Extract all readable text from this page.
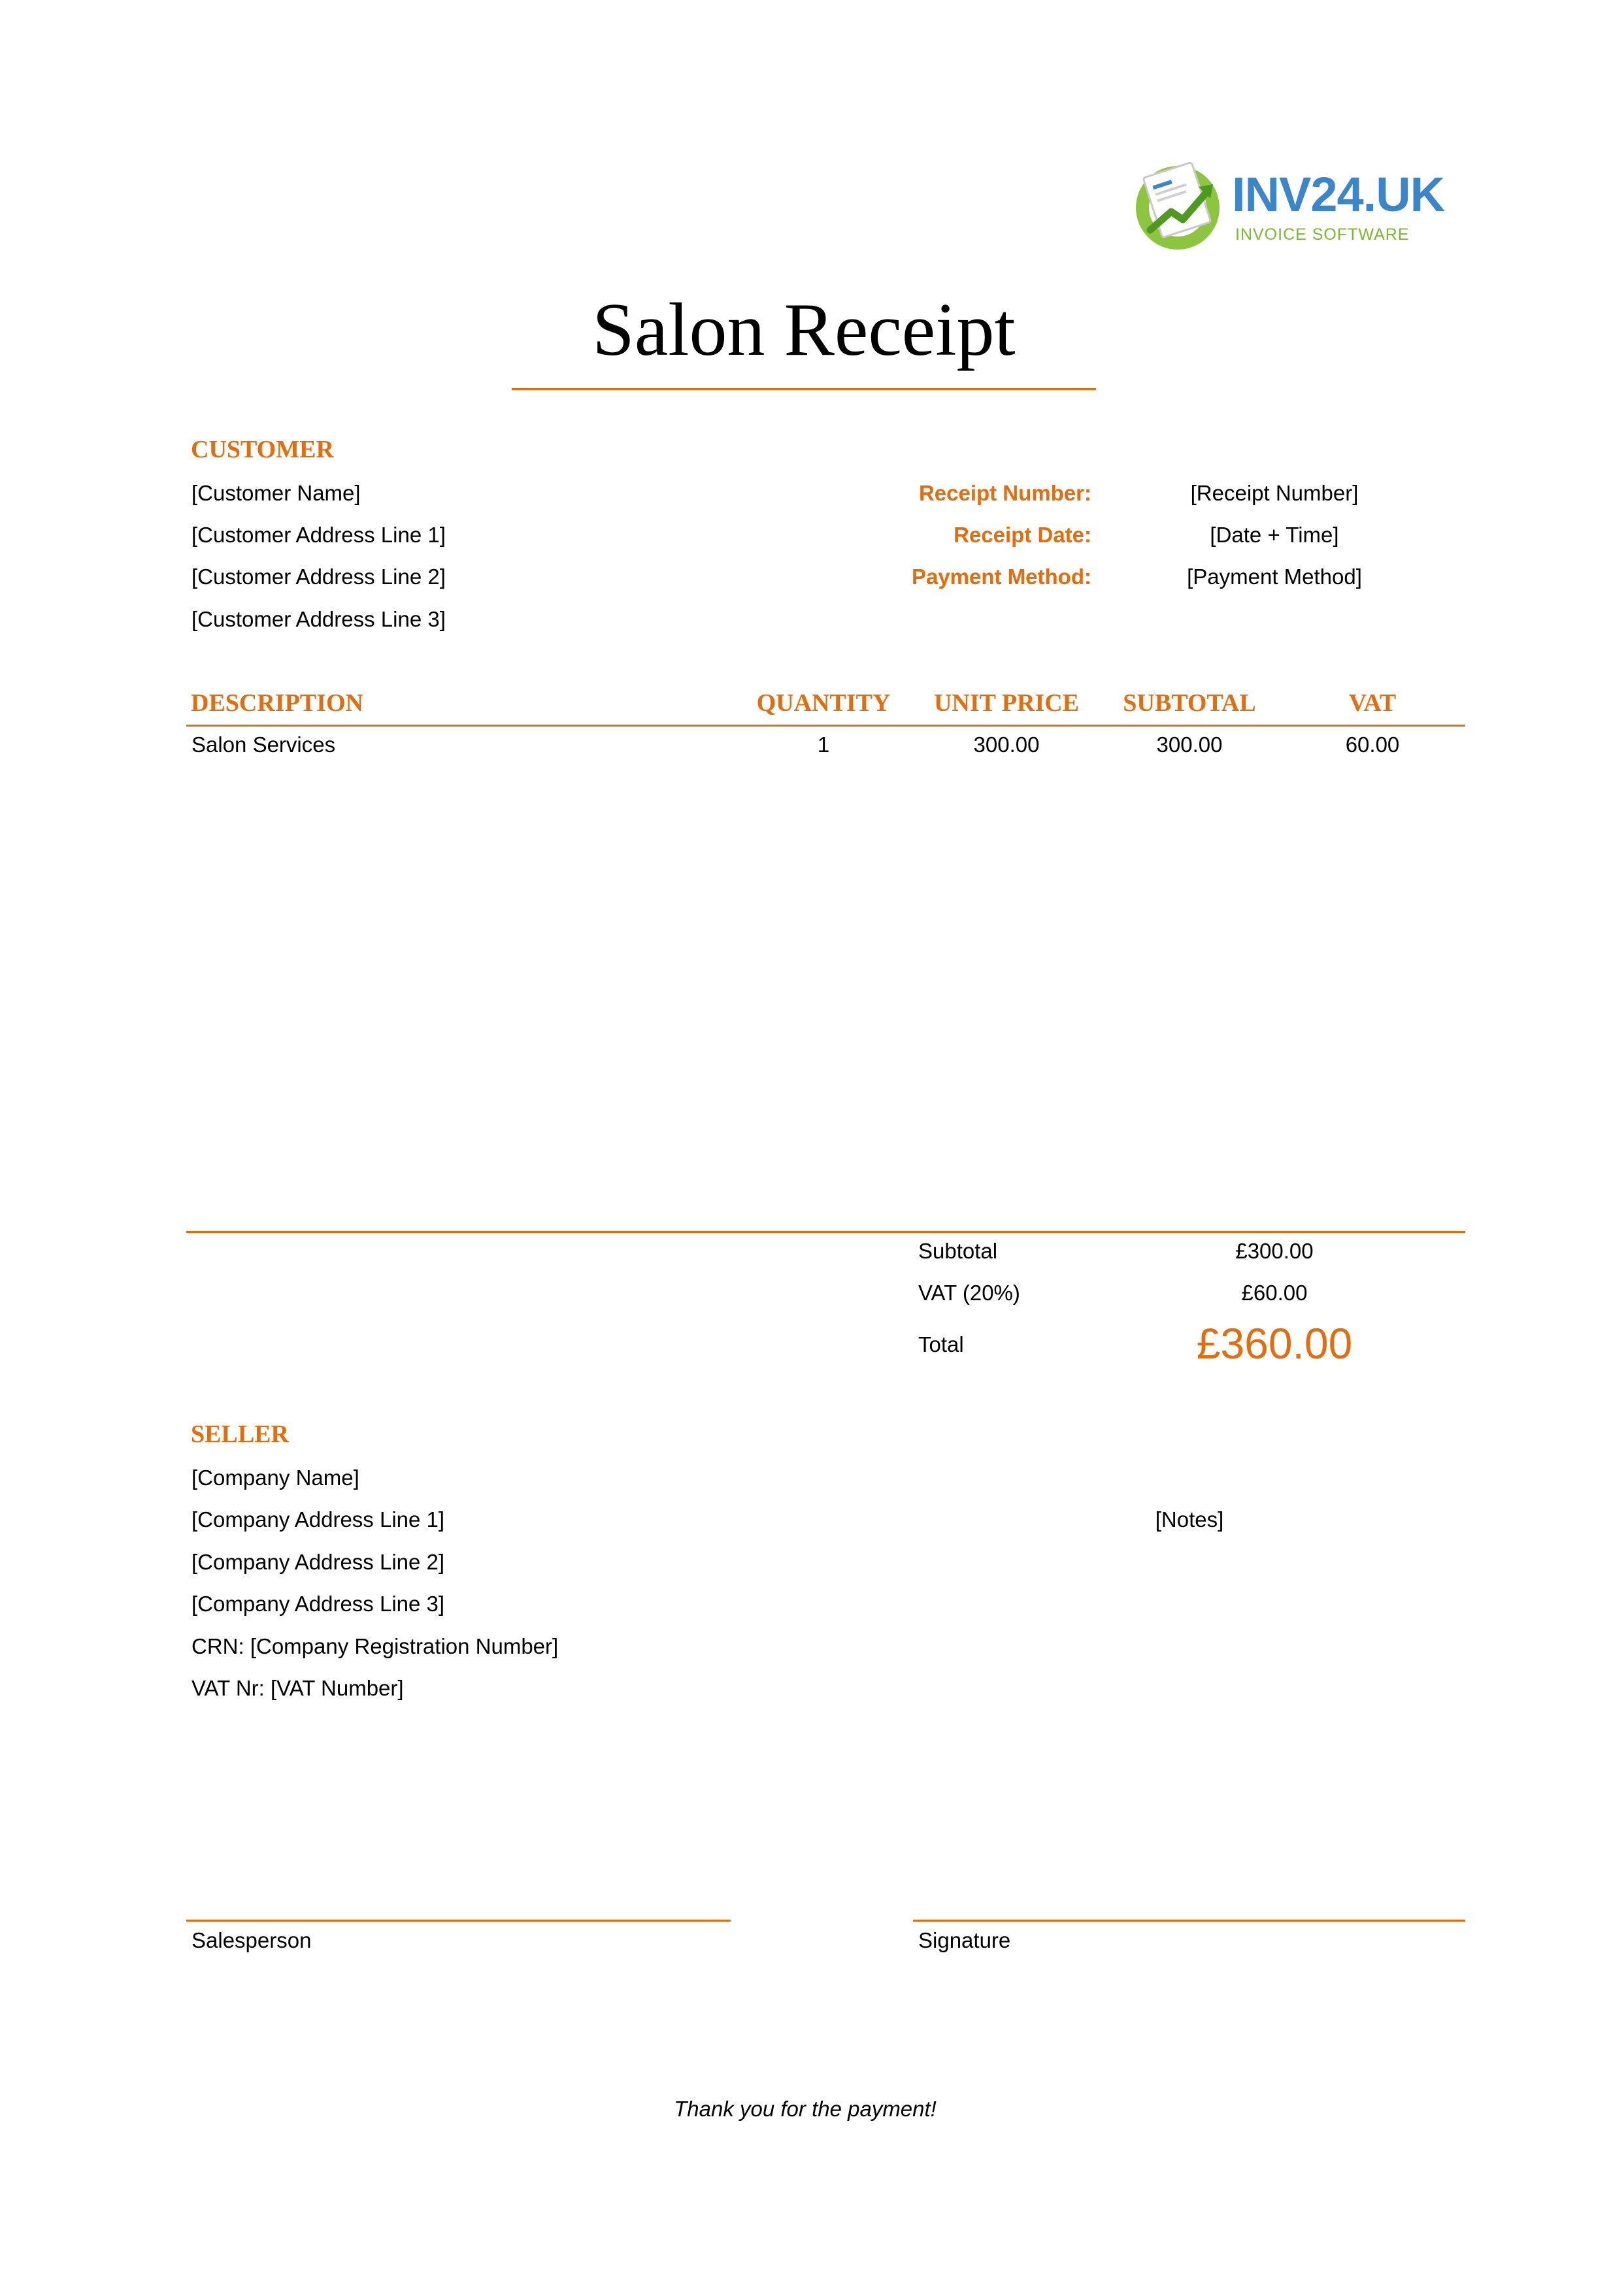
INV24.UK
INVOICE SOFTWARE
Salon Receipt
CUSTOMER
[Customer Name]
[Customer Address Line 1]
[Customer Address Line 2]
[Customer Address Line 3]
Receipt Number:	[Receipt Number]
Receipt Date:	[Date + Time]
Payment Method:	[Payment Method]
DESCRIPTION	QUANTITY	UNIT PRICE	SUBTOTAL	VAT
Salon Services	1	300.00	300.00	60.00
Subtotal	£300.00
VAT (20%)	£60.00
Total	£360.00
SELLER
[Company Name]
[Company Address Line 1]
[Company Address Line 2]
[Company Address Line 3]
CRN: [Company Registration Number]
VAT Nr: [VAT Number]
[Notes]
Salesperson	Signature
Thank you for the payment!
